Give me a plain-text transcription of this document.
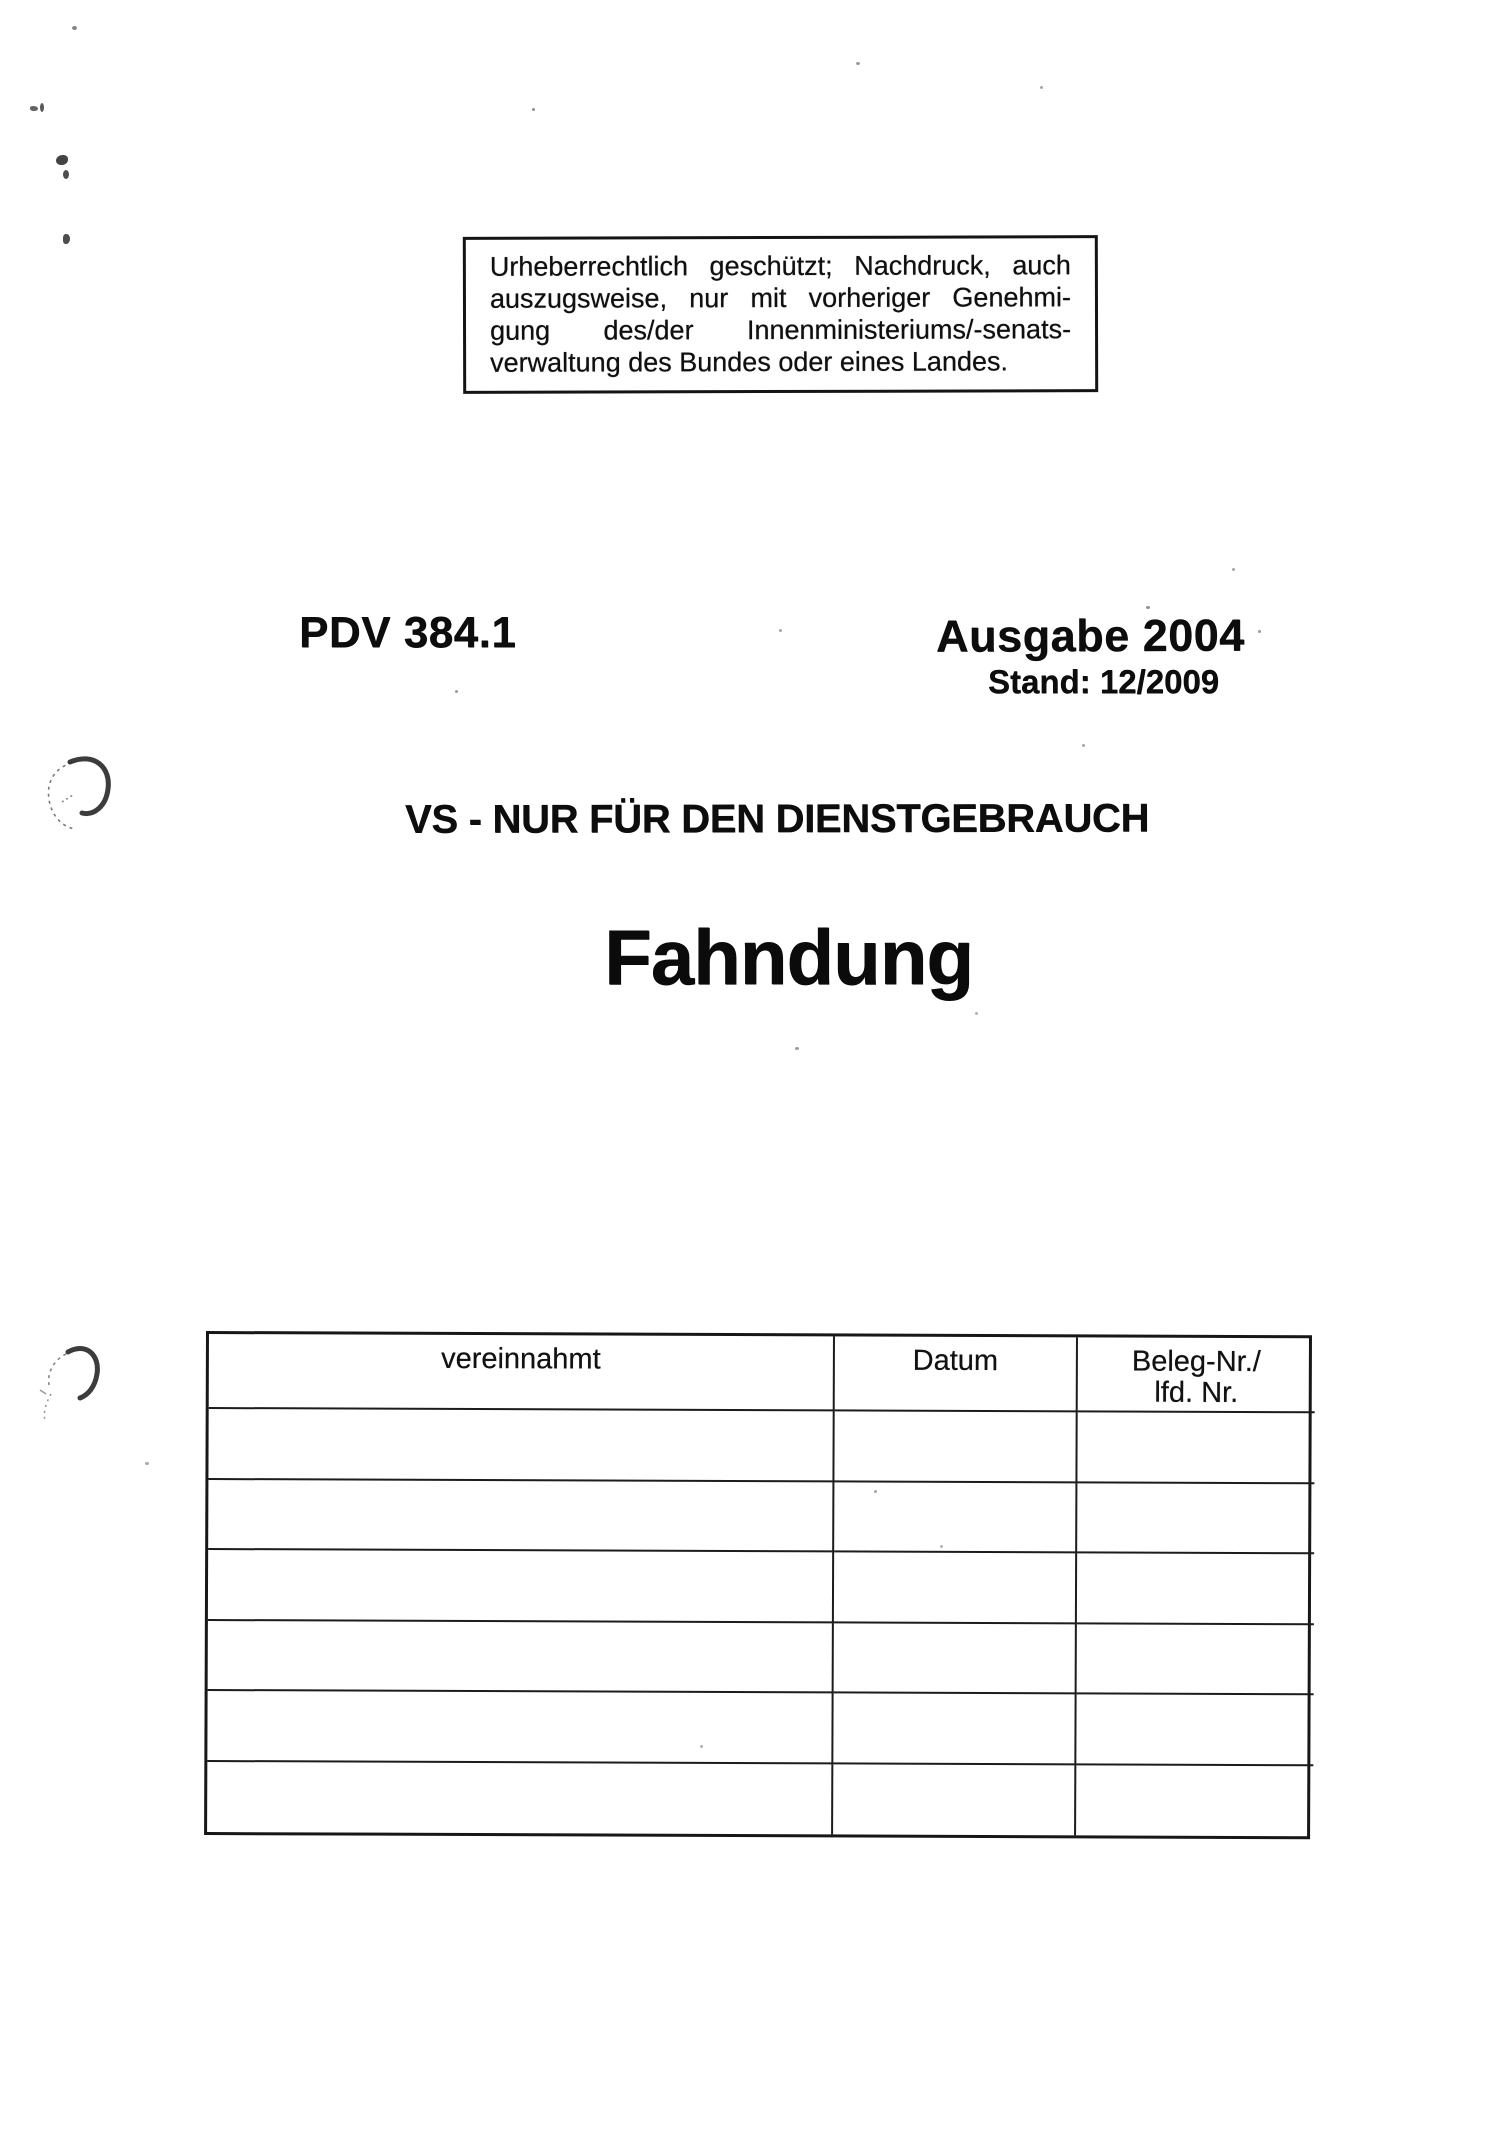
Urheberrechtlich geschützt; Nachdruck, auch
auszugsweise, nur mit vorheriger Genehmi-
gung des/der Innenministeriums/-senats-
verwaltung des Bundes oder eines Landes.
PDV 384.1	Ausgabe 2004
Stand: 12/2009
VS - NUR FÜR DEN DIENSTGEBRAUCH
Fahndung
vereinnahmt	Datum	Beleg-Nr./
lfd. Nr.
